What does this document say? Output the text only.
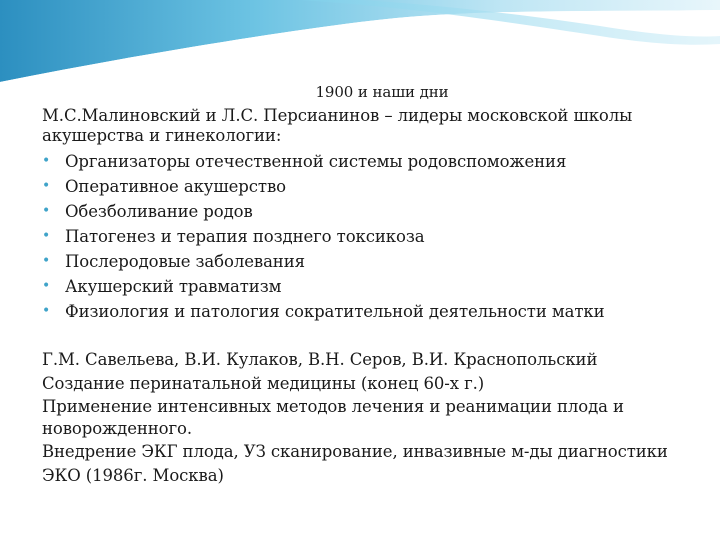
1900 и наши дни

М.С.Малиновский и Л.С. Персианинов – лидеры московской школы акушерства и гинекологии:

• Организаторы отечественной системы родовспоможения
• Оперативное акушерство
• Обезболивание родов
• Патогенез и терапия позднего токсикоза
• Послеродовые заболевания
• Акушерский травматизм
• Физиология и патология сократительной деятельности матки

Г.М. Савельева, В.И. Кулаков, В.Н. Серов, В.И. Краснопольский

Создание перинатальной медицины (конец 60-х г.)

Применение интенсивных методов лечения и реанимации плода и новорожденного.

Внедрение ЭКГ плода, УЗ сканирование, инвазивные м-ды диагностики

ЭКО (1986г. Москва)
